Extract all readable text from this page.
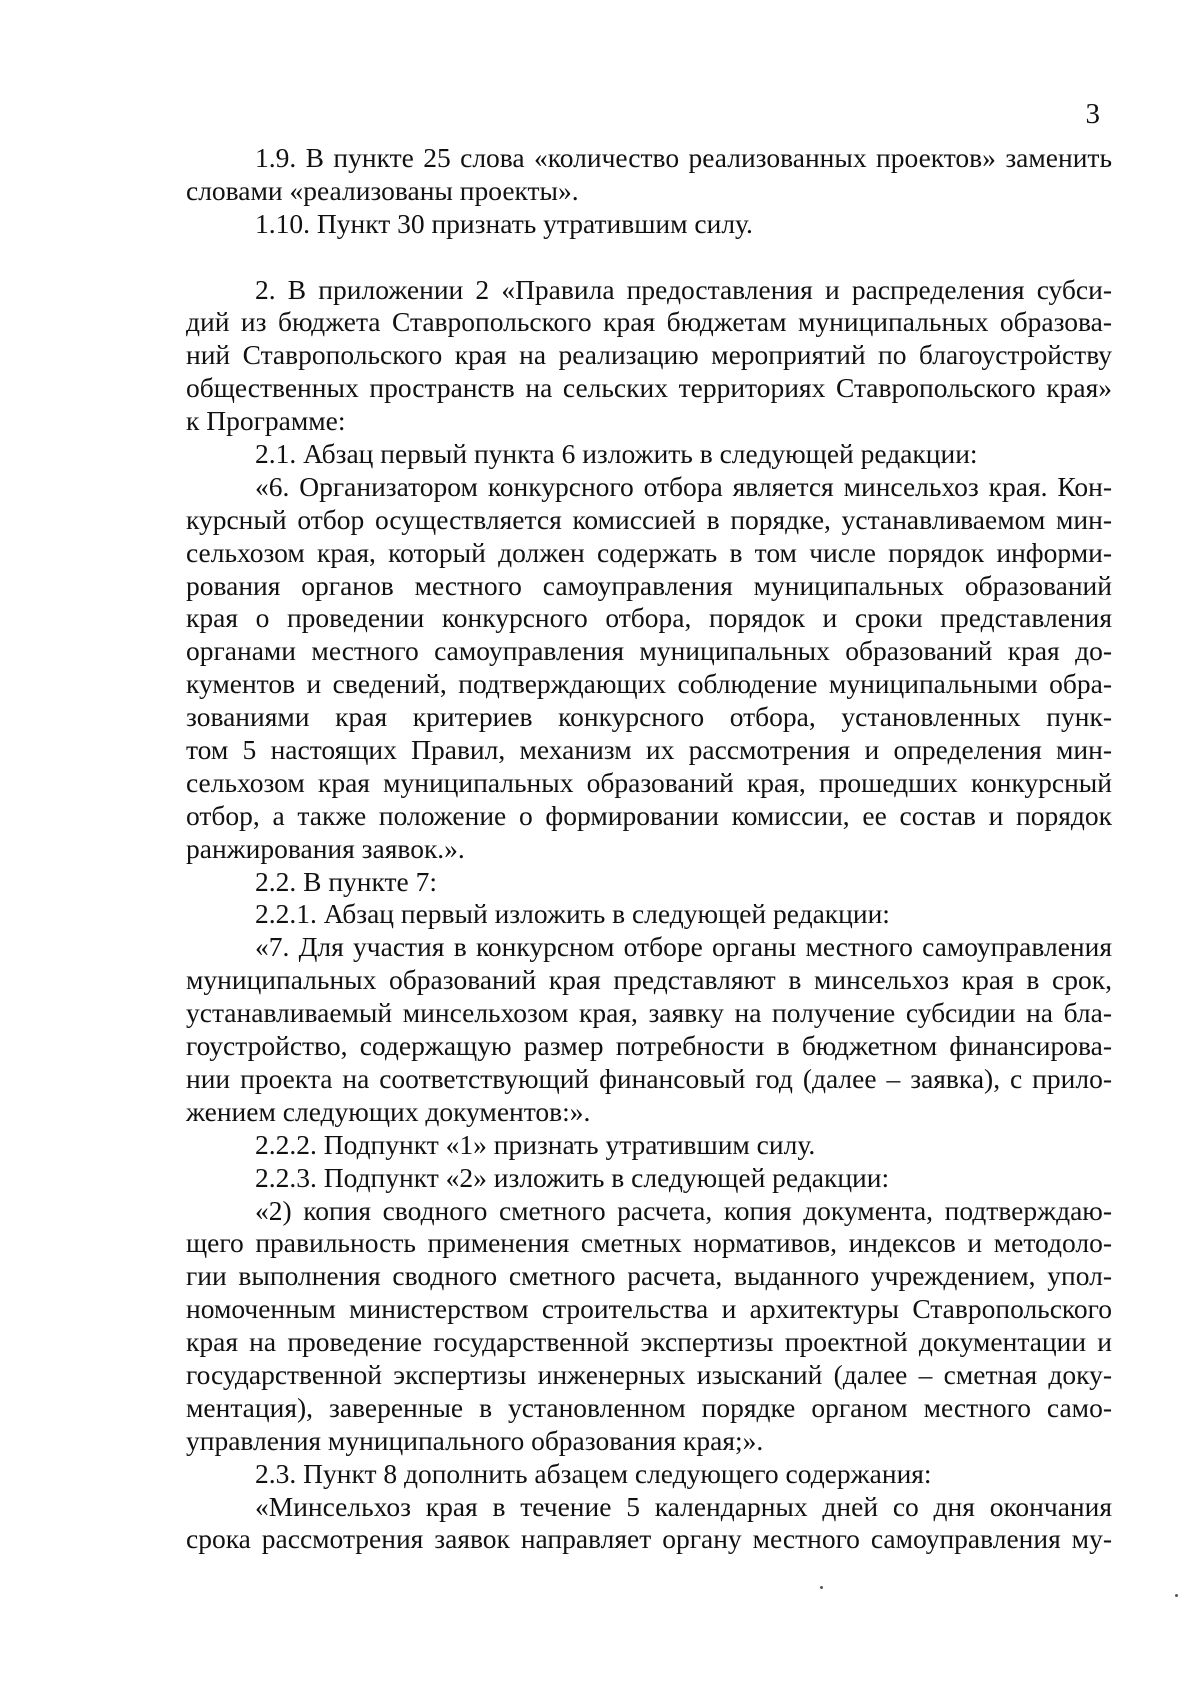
3
1.9. В пункте 25 слова «количество реализованных проектов» заменить
словами «реализованы проекты».
1.10. Пункт 30 признать утратившим силу.
2. В приложении 2 «Правила предоставления и распределения субси-
дий из бюджета Ставропольского края бюджетам муниципальных образова-
ний Ставропольского края на реализацию мероприятий по благоустройству
общественных пространств на сельских территориях Ставропольского края»
к Программе:
2.1. Абзац первый пункта 6 изложить в следующей редакции:
«6. Организатором конкурсного отбора является минсельхоз края. Кон-
курсный отбор осуществляется комиссией в порядке, устанавливаемом мин-
сельхозом края, который должен содержать в том числе порядок информи-
рования органов местного самоуправления муниципальных образований
края о проведении конкурсного отбора, порядок и сроки представления
органами местного самоуправления муниципальных образований края до-
кументов и сведений, подтверждающих соблюдение муниципальными обра-
зованиями края критериев конкурсного отбора, установленных пунк-
том 5 настоящих Правил, механизм их рассмотрения и определения мин-
сельхозом края муниципальных образований края, прошедших конкурсный
отбор, а также положение о формировании комиссии, ее состав и порядок
ранжирования заявок.».
2.2. В пункте 7:
2.2.1. Абзац первый изложить в следующей редакции:
«7. Для участия в конкурсном отборе органы местного самоуправления
муниципальных образований края представляют в минсельхоз края в срок,
устанавливаемый минсельхозом края, заявку на получение субсидии на бла-
гоустройство, содержащую размер потребности в бюджетном финансирова-
нии проекта на соответствующий финансовый год (далее – заявка), с прило-
жением следующих документов:».
2.2.2. Подпункт «1» признать утратившим силу.
2.2.3. Подпункт «2» изложить в следующей редакции:
«2) копия сводного сметного расчета, копия документа, подтверждаю-
щего правильность применения сметных нормативов, индексов и методоло-
гии выполнения сводного сметного расчета, выданного учреждением, упол-
номоченным министерством строительства и архитектуры Ставропольского
края на проведение государственной экспертизы проектной документации и
государственной экспертизы инженерных изысканий (далее – сметная доку-
ментация), заверенные в установленном порядке органом местного само-
управления муниципального образования края;».
2.3. Пункт 8 дополнить абзацем следующего содержания:
«Минсельхоз края в течение 5 календарных дней со дня окончания
срока рассмотрения заявок направляет органу местного самоуправления му-
